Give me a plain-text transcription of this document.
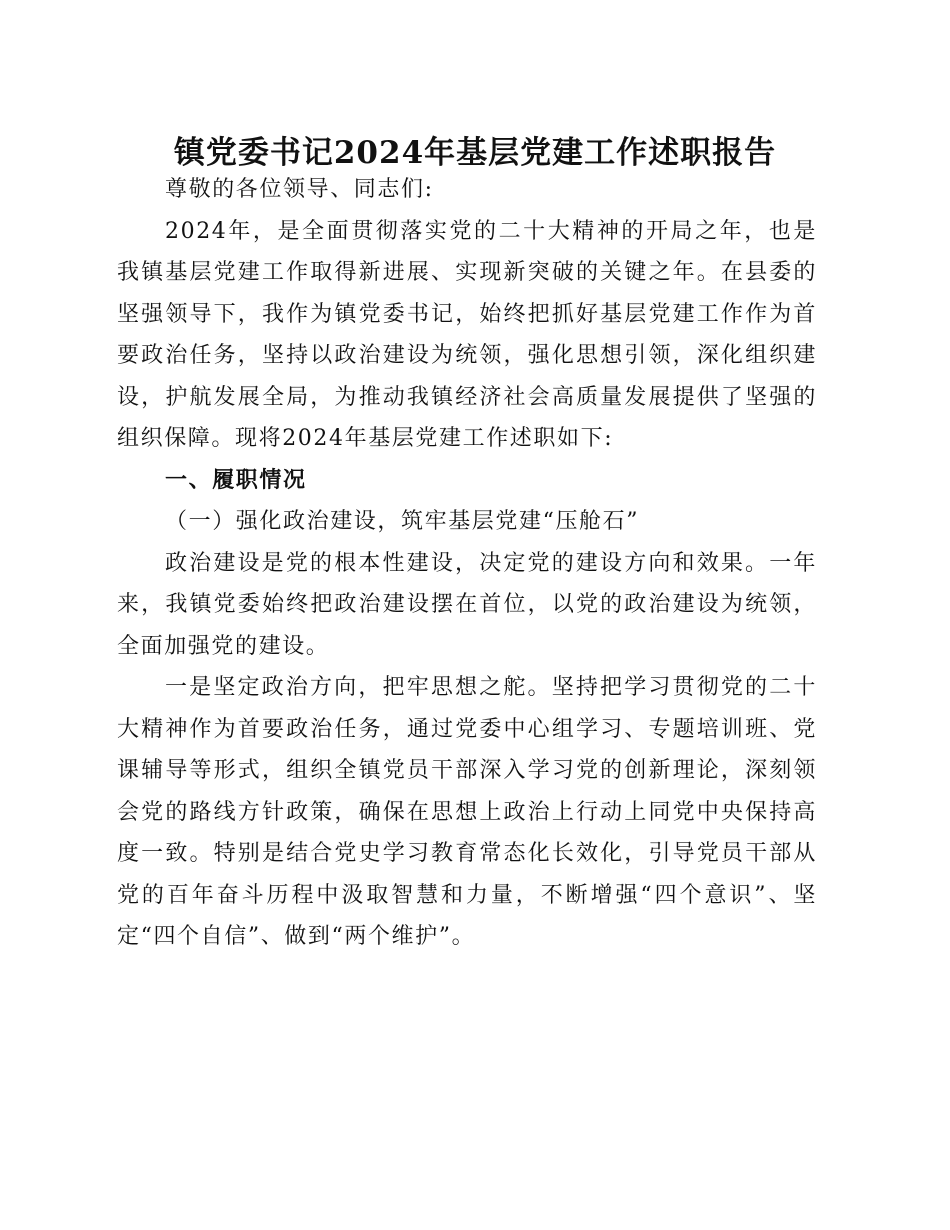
镇党委书记2024年基层党建工作述职报告

尊敬的各位领导、同志们:

2024年，是全面贯彻落实党的二十大精神的开局之年，也是我镇基层党建工作取得新进展、实现新突破的关键之年。在县委的坚强领导下，我作为镇党委书记，始终把抓好基层党建工作作为首要政治任务，坚持以政治建设为统领，强化思想引领，深化组织建设，护航发展全局，为推动我镇经济社会高质量发展提供了坚强的组织保障。现将2024年基层党建工作述职如下:

一、履职情况

（一）强化政治建设，筑牢基层党建“压舱石”

政治建设是党的根本性建设，决定党的建设方向和效果。一年来，我镇党委始终把政治建设摆在首位，以党的政治建设为统领，全面加强党的建设。

一是坚定政治方向，把牢思想之舵。坚持把学习贯彻党的二十大精神作为首要政治任务，通过党委中心组学习、专题培训班、党课辅导等形式，组织全镇党员干部深入学习党的创新理论，深刻领会党的路线方针政策，确保在思想上政治上行动上同党中央保持高度一致。特别是结合党史学习教育常态化长效化，引导党员干部从党的百年奋斗历程中汲取智慧和力量，不断增强“四个意识”、坚定“四个自信”、做到“两个维护”。
